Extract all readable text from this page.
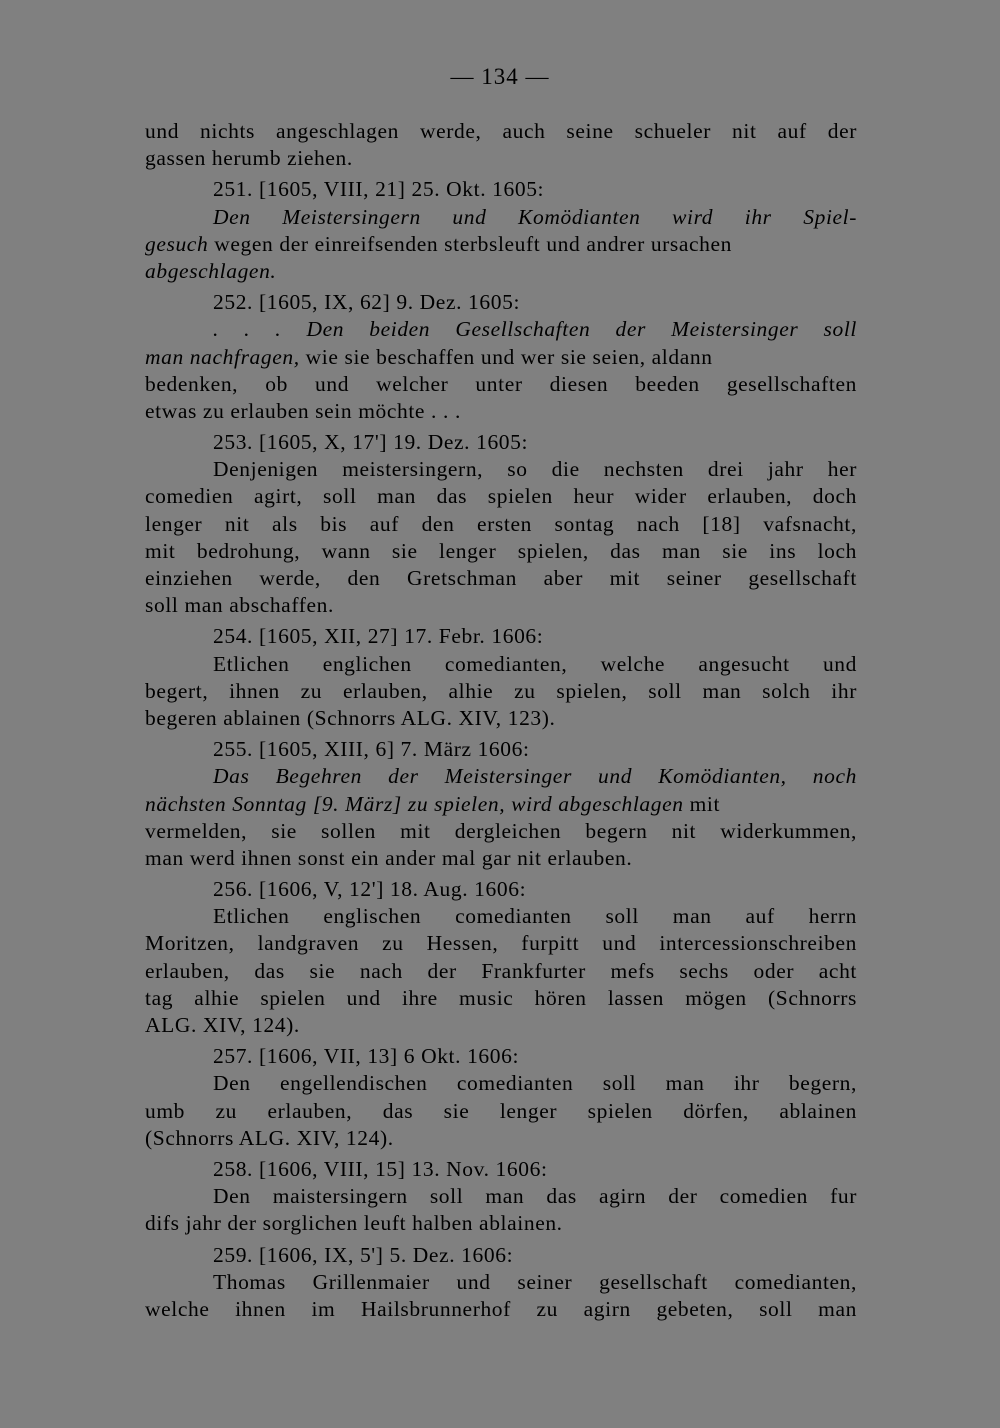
— 134 —
und nichts angeschlagen werde, auch seine schueler nit auf der
gassen herumb ziehen.
251. [1605, VIII, 21] 25. Okt. 1605:
Den Meistersingern und Komödianten wird ihr Spiel-
gesuch wegen der einreifsenden sterbsleuft und andrer ursachen
abgeschlagen.
252. [1605, IX, 62] 9. Dez. 1605:
. . . Den beiden Gesellschaften der Meistersinger soll
man nachfragen, wie sie beschaffen und wer sie seien, aldann
bedenken, ob und welcher unter diesen beeden gesellschaften
etwas zu erlauben sein möchte . . .
253. [1605, X, 17'] 19. Dez. 1605:
Denjenigen meistersingern, so die nechsten drei jahr her
comedien agirt, soll man das spielen heur wider erlauben, doch
lenger nit als bis auf den ersten sontag nach [18] vafsnacht,
mit bedrohung, wann sie lenger spielen, das man sie ins loch
einziehen werde, den Gretschman aber mit seiner gesellschaft
soll man abschaffen.
254. [1605, XII, 27] 17. Febr. 1606:
Etlichen englichen comedianten, welche angesucht und
begert, ihnen zu erlauben, alhie zu spielen, soll man solch ihr
begeren ablainen (Schnorrs ALG. XIV, 123).
255. [1605, XIII, 6] 7. März 1606:
Das Begehren der Meistersinger und Komödianten, noch
nächsten Sonntag [9. März] zu spielen, wird abgeschlagen mit
vermelden, sie sollen mit dergleichen begern nit widerkummen,
man werd ihnen sonst ein ander mal gar nit erlauben.
256. [1606, V, 12'] 18. Aug. 1606:
Etlichen englischen comedianten soll man auf herrn
Moritzen, landgraven zu Hessen, furpitt und intercessionschreiben
erlauben, das sie nach der Frankfurter mefs sechs oder acht
tag alhie spielen und ihre music hören lassen mögen (Schnorrs
ALG. XIV, 124).
257. [1606, VII, 13] 6 Okt. 1606:
Den engellendischen comedianten soll man ihr begern,
umb zu erlauben, das sie lenger spielen dörfen, ablainen
(Schnorrs ALG. XIV, 124).
258. [1606, VIII, 15] 13. Nov. 1606:
Den maistersingern soll man das agirn der comedien fur
difs jahr der sorglichen leuft halben ablainen.
259. [1606, IX, 5'] 5. Dez. 1606:
Thomas Grillenmaier und seiner gesellschaft comedianten,
welche ihnen im Hailsbrunnerhof zu agirn gebeten, soll man
